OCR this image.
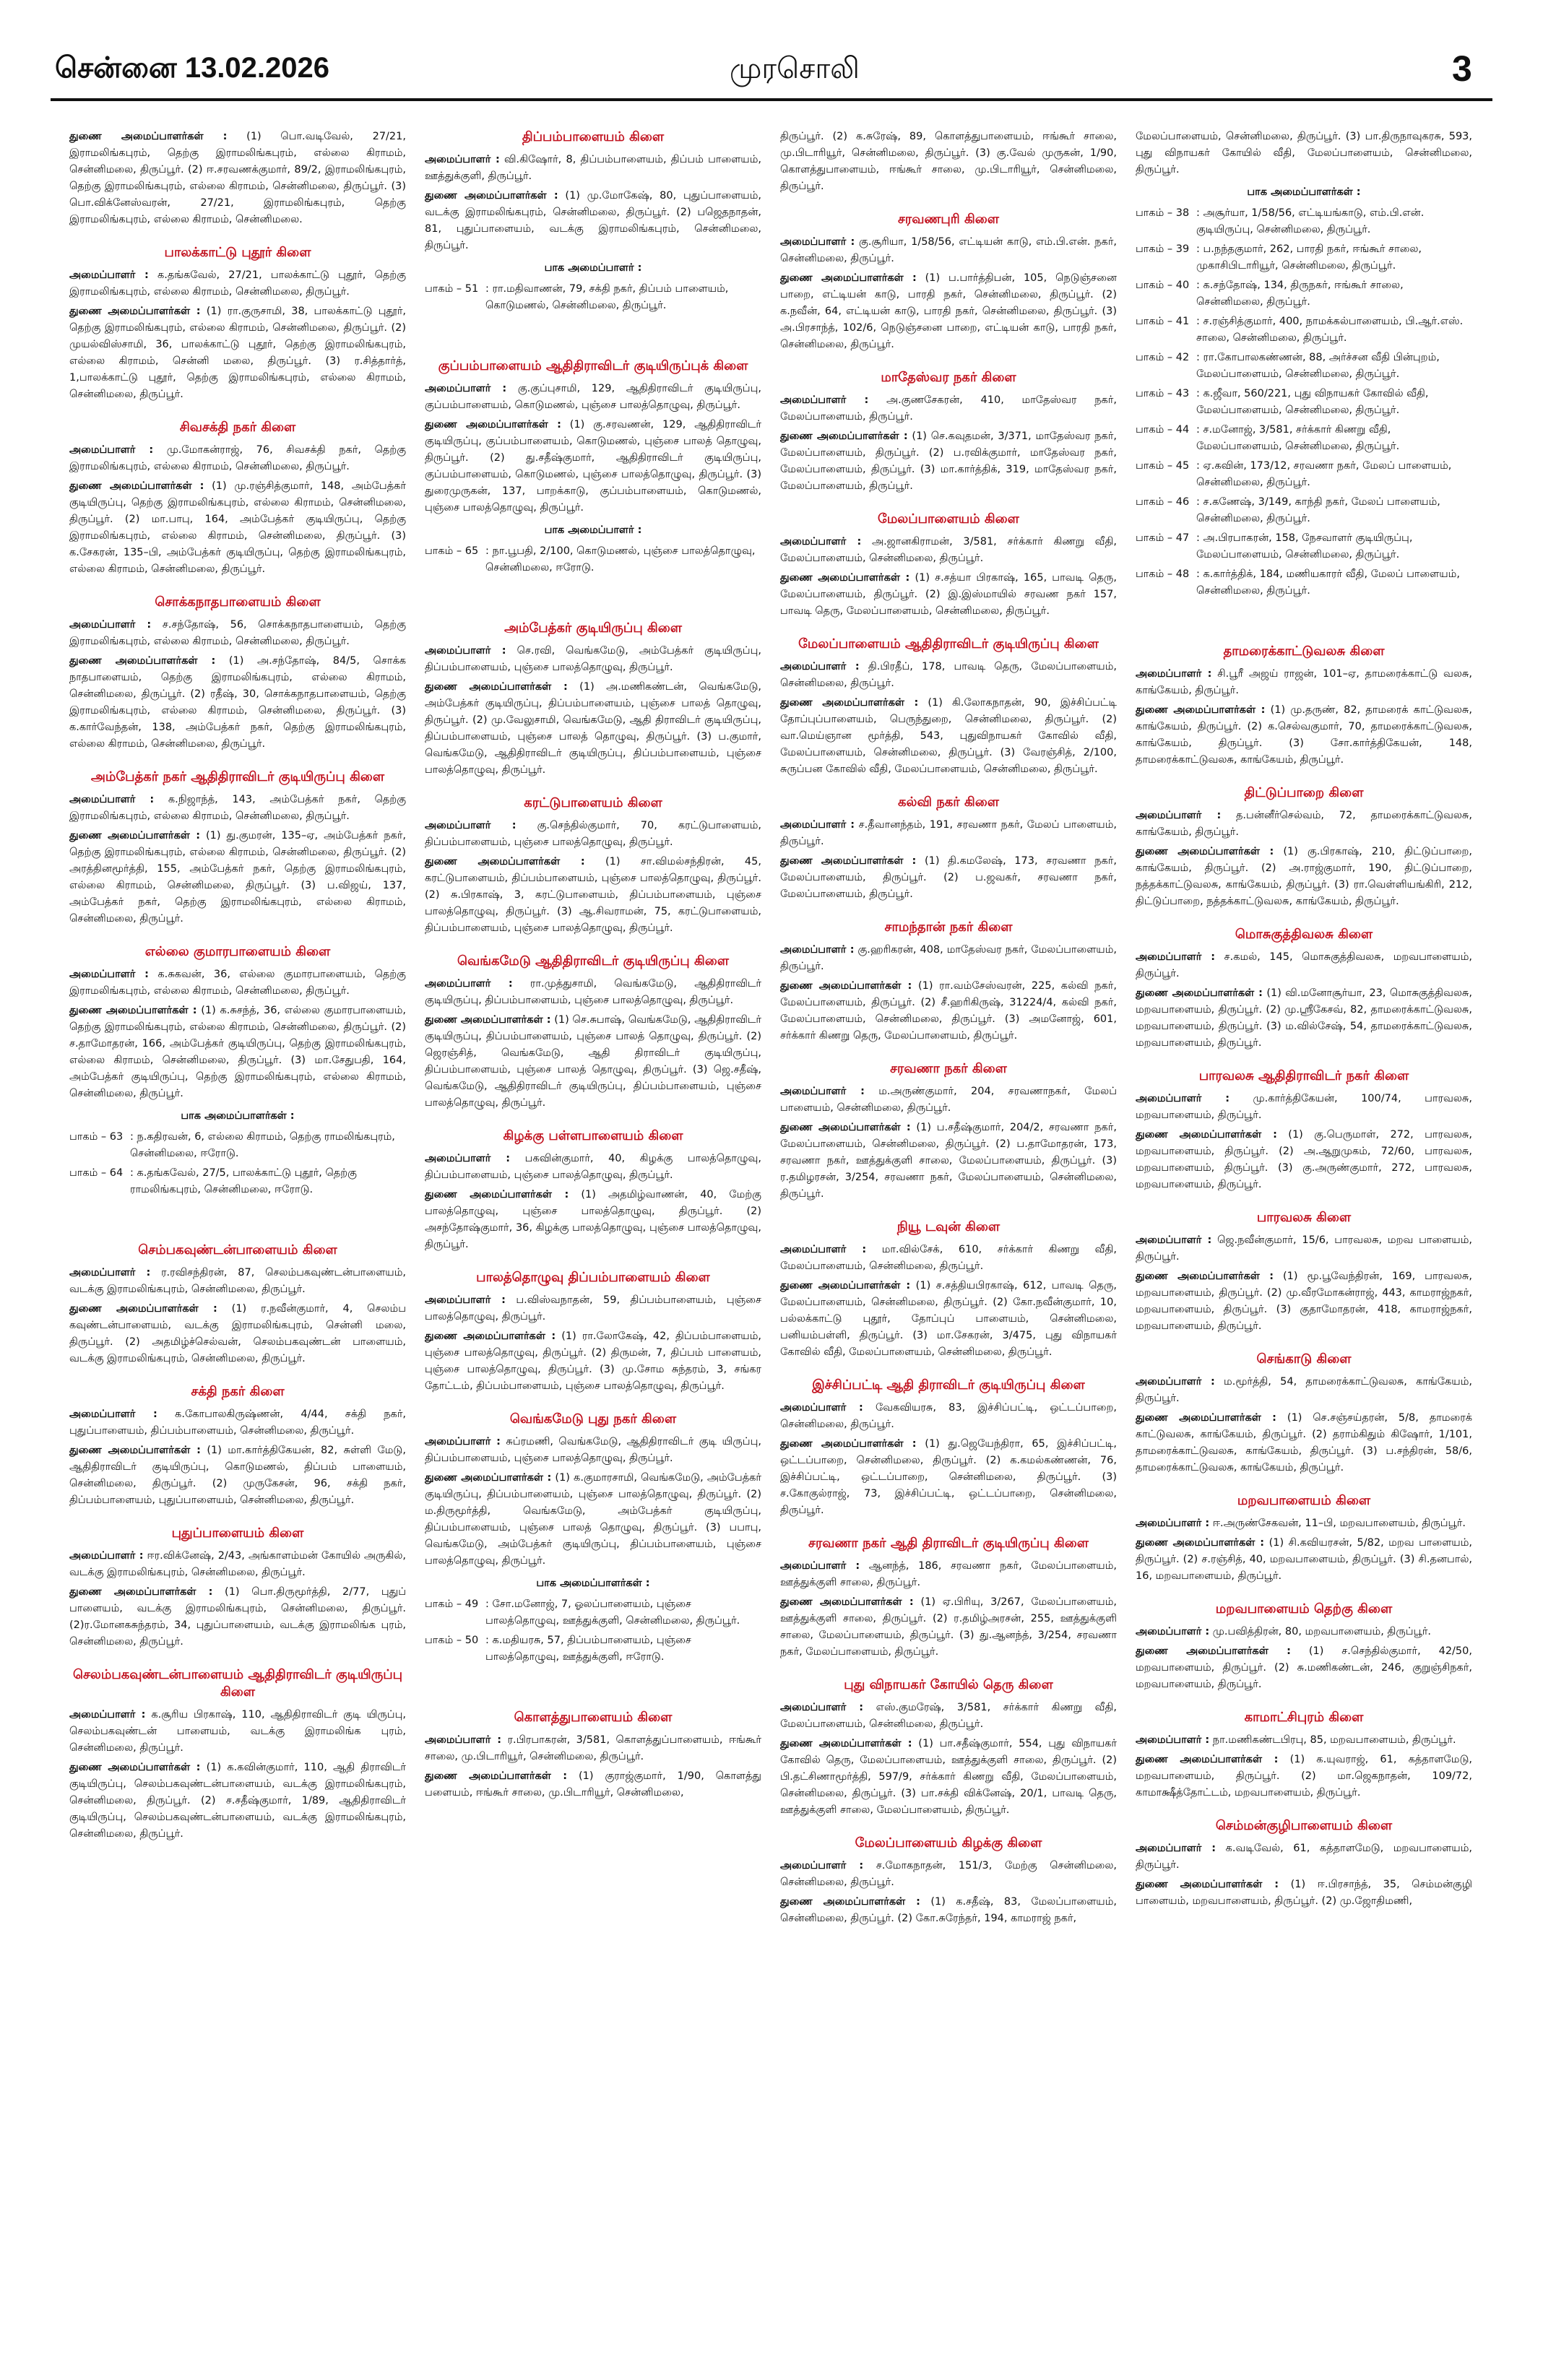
சென்னை 13.02.2026	முரசொலி	3
துணை அமைப்பாளர்கள் : (1) பொ.வடிவேல், 27/21, இராமலிங்கபுரம், தெற்கு இராமலிங்கபுரம், எல்லை கிராமம், சென்னிமலை, திருப்பூர். (2) ஈ.சரவணக்குமார், 89/2, இராமலிங்கபுரம், தெற்கு இராமலிங்கபுரம், எல்லை கிராமம், சென்னிமலை, திருப்பூர். (3) பொ.விக்னேஸ்வரன், 27/21, இராமலிங்கபுரம், தெற்கு இராமலிங்கபுரம், எல்லை கிராமம், சென்னிமலை.
பாலக்காட்டு புதூர் கிளை
அமைப்பாளர் : க.தங்கவேல், 27/21, பாலக்காட்டு புதூர், தெற்கு இராமலிங்கபுரம், எல்லை கிராமம், சென்னிமலை, திருப்பூர்.
துணை அமைப்பாளர்கள் : (1) ரா.குருசாமி, 38, பாலக்காட்டு புதூர், தெற்கு இராமலிங்கபுரம், எல்லை கிராமம், சென்னிமலை, திருப்பூர். (2) முயல்விஸ்சாமி, 36, பாலக்காட்டு புதூர், தெற்கு இராமலிங்கபுரம், எல்லை கிராமம், சென்னி மலை, திருப்பூர். (3) ர.சித்தார்த், 1,பாலக்காட்டு புதூர், தெற்கு இராமலிங்கபுரம், எல்லை கிராமம், சென்னிமலை, திருப்பூர்.
சிவசக்தி நகர் கிளை
அமைப்பாளர் : மு.மோகன்ராஜ், 76, சிவசக்தி நகர், தெற்கு இராமலிங்கபுரம், எல்லை கிராமம், சென்னிமலை, திருப்பூர்.
துணை அமைப்பாளர்கள் : (1) மு.ரஞ்சித்குமார், 148, அம்பேத்கர் குடியிருப்பு, தெற்கு இராமலிங்கபுரம், எல்லை கிராமம், சென்னிமலை, திருப்பூர். (2) மா.பாபு, 164, அம்பேத்கர் குடியிருப்பு, தெற்கு இராமலிங்கபுரம், எல்லை கிராமம், சென்னிமலை, திருப்பூர். (3) க.சேகரன், 135–பி, அம்பேத்கர் குடியிருப்பு, தெற்கு இராமலிங்கபுரம், எல்லை கிராமம், சென்னிமலை, திருப்பூர்.
சொக்கநாதபாளையம் கிளை
அமைப்பாளர் : ச.சந்தோஷ், 56, சொக்கநாதபாளையம், தெற்கு இராமலிங்கபுரம், எல்லை கிராமம், சென்னிமலை, திருப்பூர்.
துணை அமைப்பாளர்கள் : (1) அ.சந்தோஷ், 84/5, சொக்க நாதபாளையம், தெற்கு இராமலிங்கபுரம், எல்லை கிராமம், சென்னிமலை, திருப்பூர். (2) ரதீஷ், 30, சொக்கநாதபாளையம், தெற்கு இராமலிங்கபுரம், எல்லை கிராமம், சென்னிமலை, திருப்பூர். (3) க.கார்வேந்தன், 138, அம்பேத்கர் நகர், தெற்கு இராமலிங்கபுரம், எல்லை கிராமம், சென்னிமலை, திருப்பூர்.
அம்பேத்கர் நகர் ஆதிதிராவிடர் குடியிருப்பு கிளை
அமைப்பாளர் : க.நிஜாந்த், 143, அம்பேத்கர் நகர், தெற்கு இராமலிங்கபுரம், எல்லை கிராமம், சென்னிமலை, திருப்பூர்.
துணை அமைப்பாளர்கள் : (1) து.குமரன், 135–ஏ, அம்பேத்கர் நகர், தெற்கு இராமலிங்கபுரம், எல்லை கிராமம், சென்னிமலை, திருப்பூர். (2) அரத்தினமூர்த்தி, 155, அம்பேத்கர் நகர், தெற்கு இராமலிங்கபுரம், எல்லை கிராமம், சென்னிமலை, திருப்பூர். (3) ப.விஜய், 137, அம்பேத்கர் நகர், தெற்கு இராமலிங்கபுரம், எல்லை கிராமம், சென்னிமலை, திருப்பூர்.
எல்லை குமாரபாளையம் கிளை
அமைப்பாளர் : க.சுகவன், 36, எல்லை குமாரபாளையம், தெற்கு இராமலிங்கபுரம், எல்லை கிராமம், சென்னிமலை, திருப்பூர்.
துணை அமைப்பாளர்கள் : (1) க.சுசந்த், 36, எல்லை குமாரபாளையம், தெற்கு இராமலிங்கபுரம், எல்லை கிராமம், சென்னிமலை, திருப்பூர். (2) ச.தாமோதரன், 166, அம்பேத்கர் குடியிருப்பு, தெற்கு இராமலிங்கபுரம், எல்லை கிராமம், சென்னிமலை, திருப்பூர். (3) மா.சேதுபதி, 164, அம்பேத்கர் குடியிருப்பு, தெற்கு இராமலிங்கபுரம், எல்லை கிராமம், சென்னிமலை, திருப்பூர்.
பாக அமைப்பாளர்கள் :
பாகம் – 63 : ந.கதிரவன், 6, எல்லை கிராமம், தெற்கு ராமலிங்கபுரம், சென்னிமலை, ஈரோடு.
பாகம் – 64 : க.தங்கவேல், 27/5, பாலக்காட்டு புதூர், தெற்கு ராமலிங்கபுரம், சென்னிமலை, ஈரோடு.
செம்பகவுண்டன்பாளையம் கிளை
அமைப்பாளர் : ர.ரவிசந்திரன், 87, செலம்பகவுண்டன்பாளையம், வடக்கு இராமலிங்கபுரம், சென்னிமலை, திருப்பூர்.
துணை அமைப்பாளர்கள் : (1) ர.நவீன்குமார், 4, செலம்ப கவுண்டன்பாளையம், வடக்கு இராமலிங்கபுரம், சென்னி மலை, திருப்பூர். (2) அதமிழ்ச்செல்வன், செலம்பகவுண்டன் பாளையம், வடக்கு இராமலிங்கபுரம், சென்னிமலை, திருப்பூர்.
சக்தி நகர் கிளை
அமைப்பாளர் : க.கோபாலகிருஷ்ணன், 4/44, சக்தி நகர், புதுப்பாளையம், திப்பம்பாளையம், சென்னிமலை, திருப்பூர்.
துணை அமைப்பாளர்கள் : (1) மா.கார்த்திகேயன், 82, சுள்ளி மேடு, ஆதிதிராவிடர் குடியிருப்பு, கொடுமணல், திப்பம் பாளையம், சென்னிமலை, திருப்பூர். (2) முருகேசன், 96, சக்தி நகர், திப்பம்பாளையம், புதுப்பாளையம், சென்னிமலை, திருப்பூர்.
புதுப்பாளையம் கிளை
அமைப்பாளர் : ஈர.விக்னேஷ், 2/43, அங்காளம்மன் கோயில் அருகில், வடக்கு இராமலிங்கபுரம், சென்னிமலை, திருப்பூர்.
துணை அமைப்பாளர்கள் : (1) பொ.திருமூர்த்தி, 2/77, புதுப் பாளையம், வடக்கு இராமலிங்கபுரம், சென்னிமலை, திருப்பூர். (2)ர.மோனகசுந்தரம், 34, புதுப்பாளையம், வடக்கு இராமலிங்க புரம், சென்னிமலை, திருப்பூர்.
செலம்பகவுண்டன்பாளையம் ஆதிதிராவிடர் குடியிருப்பு கிளை
அமைப்பாளர் : க.சூரிய பிரகாஷ், 110, ஆதிதிராவிடர் குடி யிருப்பு, செலம்பகவுண்டன் பாளையம், வடக்கு இராமலிங்க புரம், சென்னிமலை, திருப்பூர்.
துணை அமைப்பாளர்கள் : (1) க.கவின்குமார், 110, ஆதி திராவிடர் குடியிருப்பு, செலம்பகவுண்டன்பாளையம், வடக்கு இராமலிங்கபுரம், சென்னிமலை, திருப்பூர். (2) ச.சதீஷ்குமார், 1/89, ஆதிதிராவிடர் குடியிருப்பு, செலம்பகவுண்டன்பாளையம், வடக்கு இராமலிங்கபுரம், சென்னிமலை, திருப்பூர்.
திப்பம்பாளையம் கிளை
அமைப்பாளர் : வி.கிஷோர், 8, திப்பம்பாளையம், திப்பம் பாளையம், ஊத்துக்குளி, திருப்பூர்.
துணை அமைப்பாளர்கள் : (1) மு.மோகேஷ், 80, புதுப்பாளையம், வடக்கு இராமலிங்கபுரம், சென்னிமலை, திருப்பூர். (2) பஜெதநாதன், 81, புதுப்பாளையம், வடக்கு இராமலிங்கபுரம், சென்னிமலை, திருப்பூர்.
பாக அமைப்பாளர் :
பாகம் – 51 : ரா.மதிவாணன், 79, சக்தி நகர், திப்பம் பாளையம், கொடுமணல், சென்னிமலை, திருப்பூர்.
குப்பம்பாளையம் ஆதிதிராவிடர் குடியிருப்புக் கிளை
அமைப்பாளர் : கு.குப்புசாமி, 129, ஆதிதிராவிடர் குடியிருப்பு, குப்பம்பாளையம், கொடுமணல், புஞ்சை பாலத்தொழுவு, திருப்பூர்.
துணை அமைப்பாளர்கள் : (1) கு.சரவணன், 129, ஆதிதிராவிடர் குடியிருப்பு, குப்பம்பாளையம், கொடுமணல், புஞ்சை பாலத் தொழுவு, திருப்பூர். (2) து.சதீஷ்குமார், ஆதிதிராவிடர் குடியிருப்பு, குப்பம்பாளையம், கொடுமணல், புஞ்சை பாலத்தொழுவு, திருப்பூர். (3) துரைமுருகன், 137, பாறக்காடு, குப்பம்பாளையம், கொடுமணல், புஞ்சை பாலத்தொழுவு, திருப்பூர்.
பாக அமைப்பாளர் :
பாகம் – 65 : நா.பூபதி, 2/100, கொடுமணல், புஞ்சை பாலத்தொழுவு, சென்னிமலை, ஈரோடு.
அம்பேத்கர் குடியிருப்பு கிளை
அமைப்பாளர் : செ.ரவி, வெங்கமேடு, அம்பேத்கர் குடியிருப்பு, திப்பம்பாளையம், புஞ்சை பாலத்தொழுவு, திருப்பூர்.
துணை அமைப்பாளர்கள் : (1) அ.மணிகண்டன், வெங்கமேடு, அம்பேத்கர் குடியிருப்பு, திப்பம்பாளையம், புஞ்சை பாலத் தொழுவு, திருப்பூர். (2) மு.வேலுசாமி, வெங்கமேடு, ஆதி திராவிடர் குடியிருப்பு, திப்பம்பாளையம், புஞ்சை பாலத் தொழுவு, திருப்பூர். (3) ப.குமார், வெங்கமேடு, ஆதிதிராவிடர் குடியிருப்பு, திப்பம்பாளையம், புஞ்சை பாலத்தொழுவு, திருப்பூர்.
கரட்டுபாளையம் கிளை
அமைப்பாளர் : கு.செந்தில்குமார், 70, கரட்டுபாளையம், திப்பம்பாளையம், புஞ்சை பாலத்தொழுவு, திருப்பூர்.
துணை அமைப்பாளர்கள் : (1) சா.விமல்சந்திரன், 45, கரட்டுபாளையம், திப்பம்பாளையம், புஞ்சை பாலத்தொழுவு, திருப்பூர். (2) சு.பிரகாஷ், 3, கரட்டுபாளையம், திப்பம்பாளையம், புஞ்சை பாலத்தொழுவு, திருப்பூர். (3) ஆ.சிவராமன், 75, கரட்டுபாளையம், திப்பம்பாளையம், புஞ்சை பாலத்தொழுவு, திருப்பூர்.
வெங்கமேடு ஆதிதிராவிடர் குடியிருப்பு கிளை
அமைப்பாளர் : ரா.முத்துசாமி, வெங்கமேடு, ஆதிதிராவிடர் குடியிருப்பு, திப்பம்பாளையம், புஞ்சை பாலத்தொழுவு, திருப்பூர்.
துணை அமைப்பாளர்கள் : (1) செ.சுபாஷ், வெங்கமேடு, ஆதிதிராவிடர் குடியிருப்பு, திப்பம்பாளையம், புஞ்சை பாலத் தொழுவு, திருப்பூர். (2) ஜெரஞ்சித், வெங்கமேடு, ஆதி திராவிடர் குடியிருப்பு, திப்பம்பாளையம், புஞ்சை பாலத் தொழுவு, திருப்பூர். (3) ஜெ.சதீஷ், வெங்கமேடு, ஆதிதிராவிடர் குடியிருப்பு, திப்பம்பாளையம், புஞ்சை பாலத்தொழுவு, திருப்பூர்.
கிழக்கு பள்ளபாளையம் கிளை
அமைப்பாளர் : பகவின்குமார், 40, கிழக்கு பாலத்தொழுவு, திப்பம்பாளையம், புஞ்சை பாலத்தொழுவு, திருப்பூர்.
துணை அமைப்பாளர்கள் : (1) அதமிழ்வாணன், 40, மேற்கு பாலத்தொழுவு, புஞ்சை பாலத்தொழுவு, திருப்பூர். (2) அசந்தோஷ்குமார், 36, கிழக்கு பாலத்தொழுவு, புஞ்சை பாலத்தொழுவு, திருப்பூர்.
பாலத்தொழுவு திப்பம்பாளையம் கிளை
அமைப்பாளர் : ப.விஸ்வநாதன், 59, திப்பம்பாளையம், புஞ்சை பாலத்தொழுவு, திருப்பூர்.
துணை அமைப்பாளர்கள் : (1) ரா.லோகேஷ், 42, திப்பம்பாளையம், புஞ்சை பாலத்தொழுவு, திருப்பூர். (2) திருமன், 7, திப்பம் பாளையம், புஞ்சை பாலத்தொழுவு, திருப்பூர். (3) மு.சோம சுந்தரம், 3, சங்கர தோட்டம், திப்பம்பாளையம், புஞ்சை பாலத்தொழுவு, திருப்பூர்.
வெங்கமேடு புது நகர் கிளை
அமைப்பாளர் : சுப்ரமணி, வெங்கமேடு, ஆதிதிராவிடர் குடி யிருப்பு, திப்பம்பாளையம், புஞ்சை பாலத்தொழுவு, திருப்பூர்.
துணை அமைப்பாளர்கள் : (1) க.குமாரசாமி, வெங்கமேடு, அம்பேத்கர் குடியிருப்பு, திப்பம்பாளையம், புஞ்சை பாலத்தொழுவு, திருப்பூர். (2) ம.திருமூர்த்தி, வெங்கமேடு, அம்பேத்கர் குடியிருப்பு, திப்பம்பாளையம், புஞ்சை பாலத் தொழுவு, திருப்பூர். (3) பபாபு, வெங்கமேடு, அம்பேத்கர் குடியிருப்பு, திப்பம்பாளையம், புஞ்சை பாலத்தொழுவு, திருப்பூர்.
பாக அமைப்பாளர்கள் :
பாகம் – 49 : சோ.மனோஜ், 7, ஓலப்பாளையம், புஞ்சை பாலத்தொழுவு, ஊத்துக்குளி, சென்னிமலை, திருப்பூர்.
பாகம் – 50 : க.மதியரசு, 57, திப்பம்பாளையம், புஞ்சை பாலத்தொழுவு, ஊத்துக்குளி, ஈரோடு.
கொளத்துபாளையம் கிளை
அமைப்பாளர் : ர.பிரபாகரன், 3/581, கொளத்துப்பாளையம், ஈங்கூர் சாலை, மு.பிடாரியூர், சென்னிமலை, திருப்பூர்.
துணை அமைப்பாளர்கள் : (1) குராஜ்குமார், 1/90, கொளத்து பளையம், ஈங்கூர் சாலை, மு.பிடாரியூர், சென்னிமலை,
திருப்பூர். (2) க.சுரேஷ், 89, கொளத்துபாளையம், ஈங்கூர் சாலை, மு.பிடாரியூர், சென்னிமலை, திருப்பூர். (3) கு.வேல் முருகன், 1/90, கொளத்துபாளையம், ஈங்கூர் சாலை, மு.பிடாரியூர், சென்னிமலை, திருப்பூர்.
சரவணபுரி கிளை
அமைப்பாளர் : கு.சூரியா, 1/58/56, எட்டியன் காடு, எம்.பி.என். நகர், சென்னிமலை, திருப்பூர்.
துணை அமைப்பாளர்கள் : (1) ப.பார்த்திபன், 105, நெடுஞ்சனை பாறை, எட்டியன் காடு, பாரதி நகர், சென்னிமலை, திருப்பூர். (2) க.நவீன், 64, எட்டியன் காடு, பாரதி நகர், சென்னிமலை, திருப்பூர். (3) அ.பிரசாந்த், 102/6, நெடுஞ்சனை பாறை, எட்டியன் காடு, பாரதி நகர், சென்னிமலை, திருப்பூர்.
மாதேஸ்வர நகர் கிளை
அமைப்பாளர் : அ.குணசேகரன், 410, மாதேஸ்வர நகர், மேலப்பாளையம், திருப்பூர்.
துணை அமைப்பாளர்கள் : (1) செ.கவுதமன், 3/371, மாதேஸ்வர நகர், மேலப்பாளையம், திருப்பூர். (2) ப.ரவிக்குமார், மாதேஸ்வர நகர், மேலப்பாளையம், திருப்பூர். (3) மா.கார்த்திக், 319, மாதேஸ்வர நகர், மேலப்பாளையம், திருப்பூர்.
மேலப்பாளையம் கிளை
அமைப்பாளர் : அ.ஜானகிராமன், 3/581, சர்க்கார் கிணறு வீதி, மேலப்பாளையம், சென்னிமலை, திருப்பூர்.
துணை அமைப்பாளர்கள் : (1) ச.சத்யா பிரகாஷ், 165, பாவடி தெரு, மேலப்பாளையம், திருப்பூர். (2) இ.இஸ்மாயில் சரவண நகர் 157, பாவடி தெரு, மேலப்பாளையம், சென்னிமலை, திருப்பூர்.
மேலப்பாளையம் ஆதிதிராவிடர் குடியிருப்பு கிளை
அமைப்பாளர் : தி.பிரதீப், 178, பாவடி தெரு, மேலப்பாளையம், சென்னிமலை, திருப்பூர்.
துணை அமைப்பாளர்கள் : (1) கி.லோகநாதன், 90, இச்சிப்பட்டி தோப்புப்பாளையம், பெருந்துறை, சென்னிமலை, திருப்பூர். (2) வா.மெய்ஞான மூர்த்தி, 543, புதுவிநாயகர் கோவில் வீதி, மேலப்பாளையம், சென்னிமலை, திருப்பூர். (3) வேரஞ்சித், 2/100, சுருப்பன கோவில் வீதி, மேலப்பாளையம், சென்னிமலை, திருப்பூர்.
கல்வி நகர் கிளை
அமைப்பாளர் : ச.தீவானந்தம், 191, சரவணா நகர், மேலப் பாளையம், திருப்பூர்.
துணை அமைப்பாளர்கள் : (1) தி.கமலேஷ், 173, சரவணா நகர், மேலப்பாளையம், திருப்பூர். (2) ப.ஜவகர், சரவணா நகர், மேலப்பாளையம், திருப்பூர்.
சாமந்தான் நகர் கிளை
அமைப்பாளர் : கு.ஹரிகரன், 408, மாதேஸ்வர நகர், மேலப்பாளையம், திருப்பூர்.
துணை அமைப்பாளர்கள் : (1) ரா.வம்சேஸ்வரன், 225, கல்வி நகர், மேலப்பாளையம், திருப்பூர். (2) சீ.ஹரிகிருஷ், 31224/4, கல்வி நகர், மேலப்பாளையம், சென்னிமலை, திருப்பூர். (3) அமனோஜ், 601, சர்க்கார் கிணறு தெரு, மேலப்பாளையம், திருப்பூர்.
சரவணா நகர் கிளை
அமைப்பாளர் : ம.அருண்குமார், 204, சரவணாநகர், மேலப் பாளையம், சென்னிமலை, திருப்பூர்.
துணை அமைப்பாளர்கள் : (1) ப.சதீஷ்குமார், 204/2, சரவணா நகர், மேலப்பாளையம், சென்னிமலை, திருப்பூர். (2) ப.தாமோதரன், 173, சரவணா நகர், ஊத்துக்குளி சாலை, மேலப்பாளையம், திருப்பூர். (3) ர.தமிழரசன், 3/254, சரவணா நகர், மேலப்பாளையம், சென்னிமலை, திருப்பூர்.
நியூ டவுன் கிளை
அமைப்பாளர் : மா.வில்சேக், 610, சர்க்கார் கிணறு வீதி, மேலப்பாளையம், சென்னிமலை, திருப்பூர்.
துணை அமைப்பாளர்கள் : (1) ச.சத்தியபிரகாஷ், 612, பாவடி தெரு, மேலப்பாளையம், சென்னிமலை, திருப்பூர். (2) கோ.நவீன்குமார், 10, பல்லக்காட்டு புதூர், தோப்புப் பாளையம், சென்னிமலை, பனியம்பள்ளி, திருப்பூர். (3) மா.சேகரன், 3/475, புது விநாயகர் கோவில் வீதி, மேலப்பாளையம், சென்னிமலை, திருப்பூர்.
இச்சிப்பட்டி ஆதி திராவிடர் குடியிருப்பு கிளை
அமைப்பாளர் : வேகவியரசு, 83, இச்சிப்பட்டி, ஒட்டப்பாறை, சென்னிமலை, திருப்பூர்.
துணை அமைப்பாளர்கள் : (1) து.ஜெயேந்திரா, 65, இச்சிப்பட்டி, ஒட்டப்பாறை, சென்னிமலை, திருப்பூர். (2) க.கமல்கண்ணன், 76, இச்சிப்பட்டி, ஒட்டப்பாறை, சென்னிமலை, திருப்பூர். (3) ச.கோகுல்ராஜ், 73, இச்சிப்பட்டி, ஒட்டப்பாறை, சென்னிமலை, திருப்பூர்.
சரவணா நகர் ஆதி திராவிடர் குடியிருப்பு கிளை
அமைப்பாளர் : ஆனந்த், 186, சரவணா நகர், மேலப்பாளையம், ஊத்துக்குளி சாலை, திருப்பூர்.
துணை அமைப்பாளர்கள் : (1) ஏ.பிரியு, 3/267, மேலப்பாளையம், ஊத்துக்குளி சாலை, திருப்பூர். (2) ர.தமிழ்அரசன், 255, ஊத்துக்குளி சாலை, மேலப்பாளையம், திருப்பூர். (3) து.ஆனந்த், 3/254, சரவணா நகர், மேலப்பாளையம், திருப்பூர்.
புது விநாயகர் கோயில் தெரு கிளை
அமைப்பாளர் : எஸ்.குமரேஷ், 3/581, சர்க்கார் கிணறு வீதி, மேலப்பாளையம், சென்னிமலை, திருப்பூர்.
துணை அமைப்பாளர்கள் : (1) பா.சதீஷ்குமார், 554, புது விநாயகர் கோவில் தெரு, மேலப்பாளையம், ஊத்துக்குளி சாலை, திருப்பூர். (2) பி.தட்சிணாமூர்த்தி, 597/9, சர்க்கார் கிணறு வீதி, மேலப்பாளையம், சென்னிமலை, திருப்பூர். (3) பா.சக்தி விக்னேஷ், 20/1, பாவடி தெரு, ஊத்துக்குளி சாலை, மேலப்பாளையம், திருப்பூர்.
மேலப்பாளையம் கிழக்கு கிளை
அமைப்பாளர் : ச.மோகநாதன், 151/3, மேற்கு சென்னிமலை, சென்னிமலை, திருப்பூர்.
துணை அமைப்பாளர்கள் : (1) க.சதீஷ், 83, மேலப்பாளையம், சென்னிமலை, திருப்பூர். (2) கோ.சுரேந்தர், 194, காமராஜ் நகர்,
மேலப்பாளையம், சென்னிமலை, திருப்பூர். (3) பா.திருநாவுகரசு, 593, புது விநாயகர் கோயில் வீதி, மேலப்பாளையம், சென்னிமலை, திருப்பூர்.
பாக அமைப்பாளர்கள் :
பாகம் – 38 : அசூர்யா, 1/58/56, எட்டியங்காடு, எம்.பி.என். குடியிருப்பு, சென்னிமலை, திருப்பூர்.
பாகம் – 39 : ப.நந்தகுமார், 262, பாரதி நகர், ஈங்கூர் சாலை, முகாசிபிடாரியூர், சென்னிமலை, திருப்பூர்.
பாகம் – 40 : க.சந்தோஷ், 134, திருநகர், ஈங்கூர் சாலை, சென்னிமலை, திருப்பூர்.
பாகம் – 41 : ச.ரஞ்சித்குமார், 400, நாமக்கல்பாளையம், பி.ஆர்.எஸ். சாலை, சென்னிமலை, திருப்பூர்.
பாகம் – 42 : ரா.கோபாலகண்ணன், 88, அர்ச்சன வீதி பின்புறம், மேலப்பாளையம், சென்னிமலை, திருப்பூர்.
பாகம் – 43 : க.ஜீவா, 560/221, புது விநாயகர் கோவில் வீதி, மேலப்பாளையம், சென்னிமலை, திருப்பூர்.
பாகம் – 44 : ச.மனோஜ், 3/581, சர்க்கார் கிணறு வீதி, மேலப்பாளையம், சென்னிமலை, திருப்பூர்.
பாகம் – 45 : ஏ.கவின், 173/12, சரவணா நகர், மேலப் பாளையம், சென்னிமலை, திருப்பூர்.
பாகம் – 46 : ச.கணேஷ், 3/149, காந்தி நகர், மேலப் பாளையம், சென்னிமலை, திருப்பூர்.
பாகம் – 47 : அ.பிரபாகரன், 158, நேசவாளர் குடியிருப்பு, மேலப்பாளையம், சென்னிமலை, திருப்பூர்.
பாகம் – 48 : க.கார்த்திக், 184, மணியகாரர் வீதி, மேலப் பாளையம், சென்னிமலை, திருப்பூர்.
தாமரைக்காட்டுவலசு கிளை
அமைப்பாளர் : சி.பூரீ அஜய் ராஜன், 101–ஏ, தாமரைக்காட்டு வலசு, காங்கேயம், திருப்பூர்.
துணை அமைப்பாளர்கள் : (1) மு.தருண், 82, தாமரைக் காட்டுவலசு, காங்கேயம், திருப்பூர். (2) க.செல்வகுமார், 70, தாமரைக்காட்டுவலசு, காங்கேயம், திருப்பூர். (3) சோ.கார்த்திகேயன், 148, தாமரைக்காட்டுவலசு, காங்கேயம், திருப்பூர்.
திட்டுப்பாறை கிளை
அமைப்பாளர் : த.பன்னீர்செல்வம், 72, தாமரைக்காட்டுவலசு, காங்கேயம், திருப்பூர்.
துணை அமைப்பாளர்கள் : (1) கு.பிரகாஷ், 210, திட்டுப்பாறை, காங்கேயம், திருப்பூர். (2) அ.ராஜ்குமார், 190, திட்டுப்பாறை, நத்தக்காட்டுவலசு, காங்கேயம், திருப்பூர். (3) ரா.வெள்ளியங்கிரி, 212, திட்டுப்பாறை, நத்தக்காட்டுவலசு, காங்கேயம், திருப்பூர்.
மொசுகுத்திவலசு கிளை
அமைப்பாளர் : ச.கமல், 145, மொசுகுத்திவலசு, மறவபாளையம், திருப்பூர்.
துணை அமைப்பாளர்கள் : (1) வி.மனோசூர்யா, 23, மொசுகுத்திவலசு, மறவபாளையம், திருப்பூர். (2) மு.ஸ்ரீகேசவ், 82, தாமரைக்காட்டுவலசு, மறவபாளையம், திருப்பூர். (3) ம.வில்சேஷ், 54, தாமரைக்காட்டுவலசு, மறவபாளையம், திருப்பூர்.
பாரவலசு ஆதிதிராவிடர் நகர் கிளை
அமைப்பாளர் : மு.கார்த்திகேயன், 100/74, பாரவலசு, மறவபாளையம், திருப்பூர்.
துணை அமைப்பாளர்கள் : (1) கு.பெருமாள், 272, பாரவலசு, மறவபாளையம், திருப்பூர். (2) அ.ஆறுமுகம், 72/60, பாரவலசு, மறவபாளையம், திருப்பூர். (3) கு.அருண்குமார், 272, பாரவலசு, மறவபாளையம், திருப்பூர்.
பாரவலசு கிளை
அமைப்பாளர் : ஜெ.நவீன்குமார், 15/6, பாரவலசு, மறவ பாளையம், திருப்பூர்.
துணை அமைப்பாளர்கள் : (1) மூ.பூவேந்திரன், 169, பாரவலசு, மறவபாளையம், திருப்பூர். (2) மு.வீரமோகன்ராஜ், 443, காமராஜ்நகர், மறவபாளையம், திருப்பூர். (3) குதாமோதரன், 418, காமராஜ்நகர், மறவபாளையம், திருப்பூர்.
செங்காடு கிளை
அமைப்பாளர் : ம.மூர்த்தி, 54, தாமரைக்காட்டுவலசு, காங்கேயம், திருப்பூர்.
துணை அமைப்பாளர்கள் : (1) செ.சஞ்சய்தரன், 5/8, தாமரைக் காட்டுவலசு, காங்கேயம், திருப்பூர். (2) தராம்கிதும் கிஷோர், 1/101, தாமரைக்காட்டுவலசு, காங்கேயம், திருப்பூர். (3) ப.சந்திரன், 58/6, தாமரைக்காட்டுவலசு, காங்கேயம், திருப்பூர்.
மறவபாளையம் கிளை
அமைப்பாளர் : ஈ.அருண்சேகவன், 11–பி, மறவபாளையம், திருப்பூர்.
துணை அமைப்பாளர்கள் : (1) சி.கவியரசன், 5/82, மறவ பாளையம், திருப்பூர். (2) ச.ரஞ்சித், 40, மறவபாளையம், திருப்பூர். (3) சி.தனபால், 16, மறவபாளையம், திருப்பூர்.
மறவபாளையம் தெற்கு கிளை
அமைப்பாளர் : மு.பவித்திரன், 80, மறவபாளையம், திருப்பூர்.
துணை அமைப்பாளர்கள் : (1) ச.செந்தில்குமார், 42/50, மறவபாளையம், திருப்பூர். (2) சு.மணிகண்டன், 246, குறுஞ்சிநகர், மறவபாளையம், திருப்பூர்.
காமாட்சிபுரம் கிளை
அமைப்பாளர் : நா.மணிகண்டபிரபு, 85, மறவபாளையம், திருப்பூர்.
துணை அமைப்பாளர்கள் : (1) க.யுவராஜ், 61, கத்தாளமேடு, மறவபாளையம், திருப்பூர். (2) மா.ஜெகநாதன், 109/72, காமாக்ஷீத்தோட்டம், மறவபாளையம், திருப்பூர்.
செம்மன்குழிபாளையம் கிளை
அமைப்பாளர் : க.வடிவேல், 61, கத்தாளமேடு, மறவபாளையம், திருப்பூர்.
துணை அமைப்பாளர்கள் : (1) ஈ.பிரசாந்த், 35, செம்மன்குழி பாளையம், மறவபாளையம், திருப்பூர். (2) மு.ஜோதிமணி,
